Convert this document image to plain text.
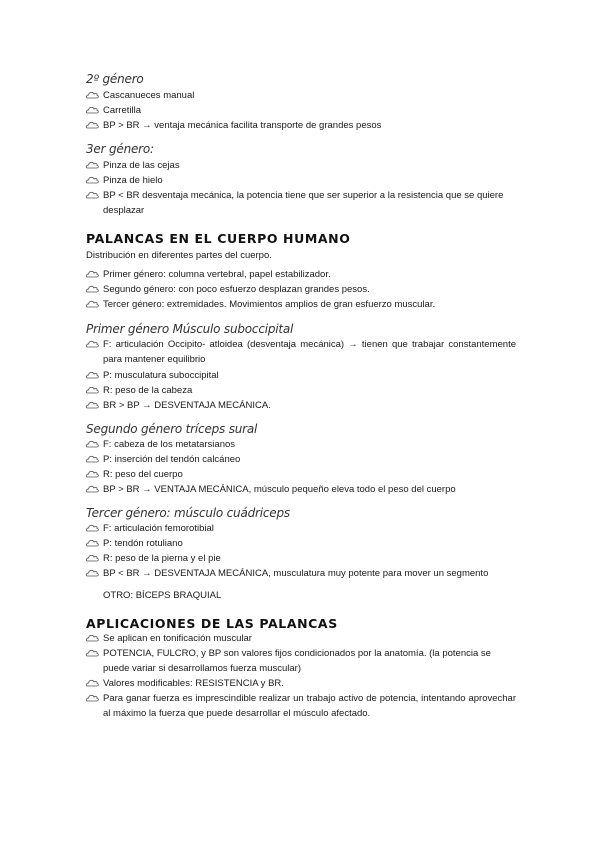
2º género
Cascanueces manual
Carretilla
BP > BR → ventaja mecánica facilita transporte de grandes pesos
3er género:
Pinza de las cejas
Pinza de hielo
BP < BR desventaja mecánica, la potencia tiene que ser superior a la resistencia que se quiere desplazar
PALANCAS EN EL CUERPO HUMANO
Distribución en diferentes partes del cuerpo.
Primer género: columna vertebral, papel estabilizador.
Segundo género: con poco esfuerzo desplazan grandes pesos.
Tercer género: extremidades. Movimientos amplios de gran esfuerzo muscular.
Primer género Músculo suboccipital
F: articulación Occipito- atloidea (desventaja mecánica) → tienen que trabajar constantemente para mantener equilibrio
P: musculatura suboccipital
R: peso de la cabeza
BR > BP → DESVENTAJA MECÁNICA.
Segundo género tríceps sural
F: cabeza de los metatarsianos
P: inserción del tendón calcáneo
R: peso del cuerpo
BP > BR → VENTAJA MECÁNICA, músculo pequeño eleva todo el peso del cuerpo
Tercer género: músculo cuádriceps
F: articulación femorotibial
P: tendón rotuliano
R: peso de la pierna y el pie
BP < BR → DESVENTAJA MECÁNICA, musculatura muy potente para mover un segmento
OTRO: BÍCEPS BRAQUIAL
APLICACIONES DE LAS PALANCAS
Se aplican en tonificación muscular
POTENCIA, FULCRO, y BP son valores fijos condicionados por la anatomía. (la potencia se puede variar si desarrollamos fuerza muscular)
Valores modificables: RESISTENCIA y BR.
Para ganar fuerza es imprescindible realizar un trabajo activo de potencia, intentando aprovechar al máximo la fuerza que puede desarrollar el músculo afectado.
